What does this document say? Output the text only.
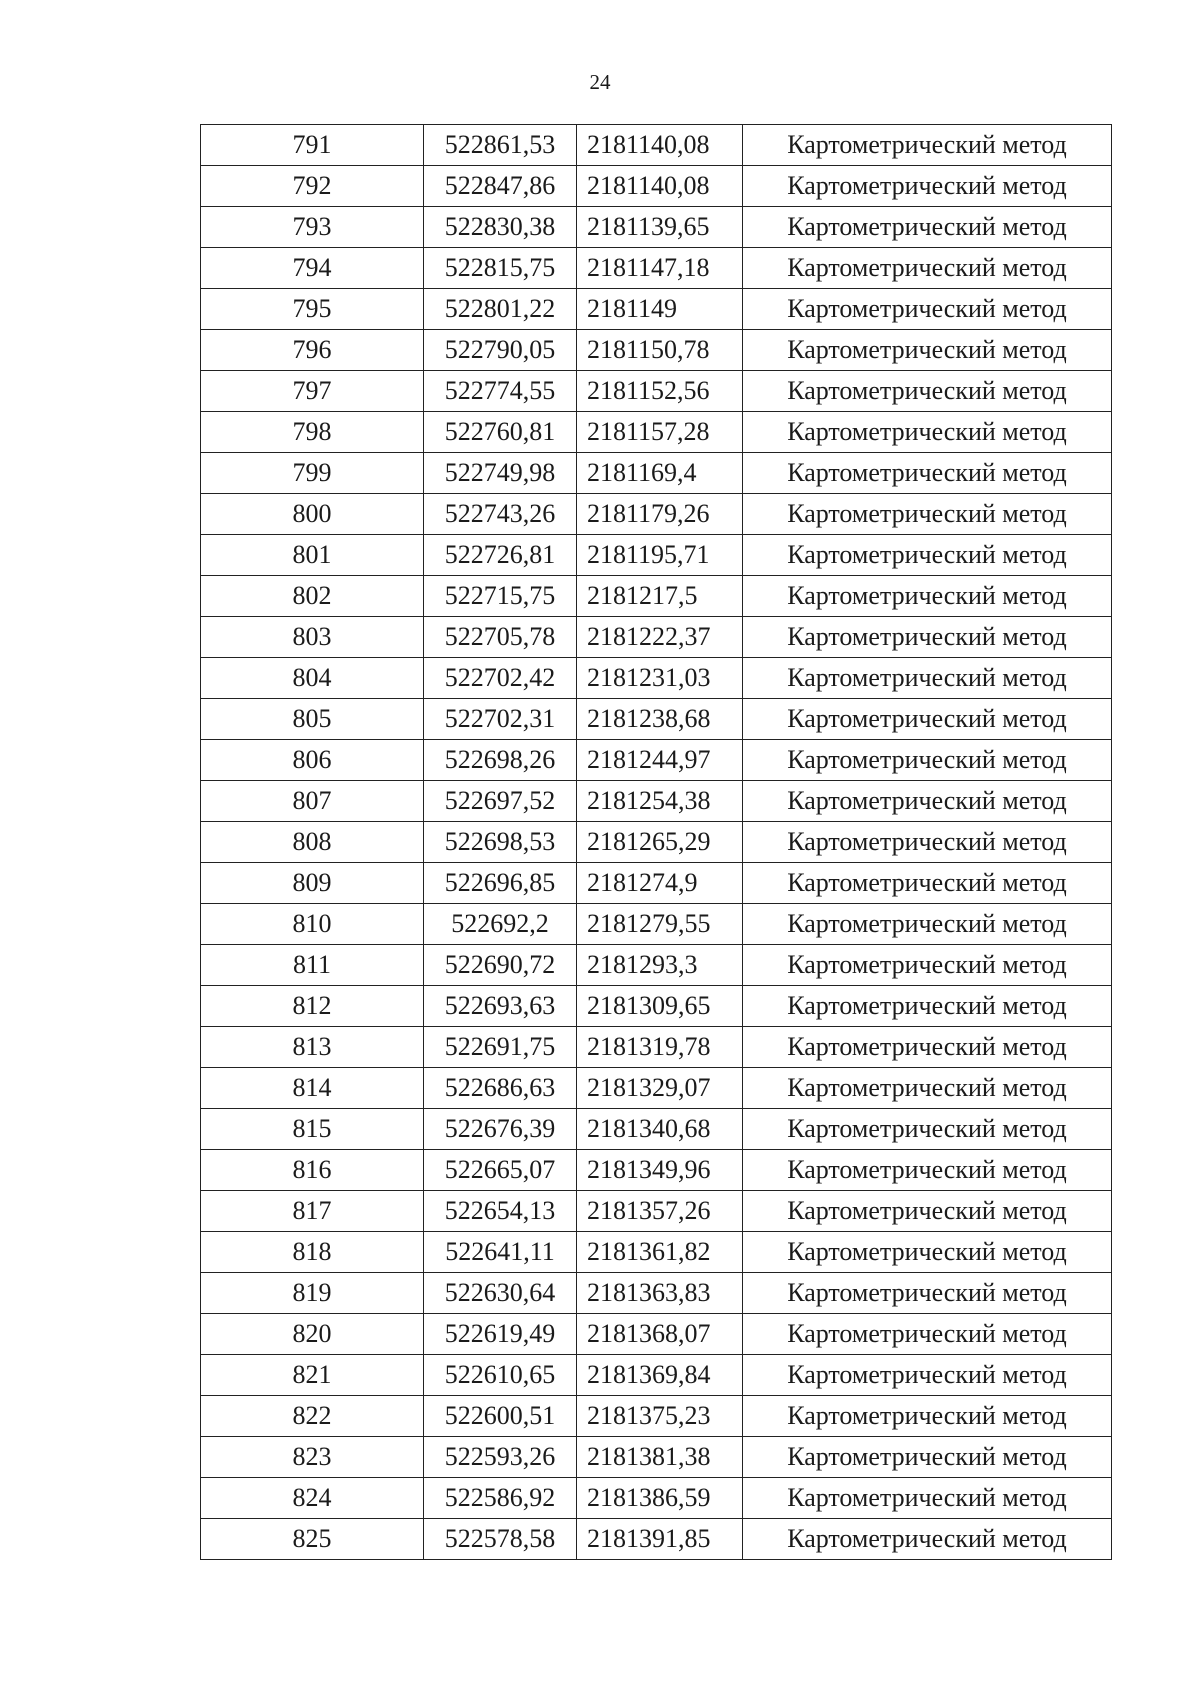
24
791	522861,53	2181140,08	Картометрический метод
792	522847,86	2181140,08	Картометрический метод
793	522830,38	2181139,65	Картометрический метод
794	522815,75	2181147,18	Картометрический метод
795	522801,22	2181149	Картометрический метод
796	522790,05	2181150,78	Картометрический метод
797	522774,55	2181152,56	Картометрический метод
798	522760,81	2181157,28	Картометрический метод
799	522749,98	2181169,4	Картометрический метод
800	522743,26	2181179,26	Картометрический метод
801	522726,81	2181195,71	Картометрический метод
802	522715,75	2181217,5	Картометрический метод
803	522705,78	2181222,37	Картометрический метод
804	522702,42	2181231,03	Картометрический метод
805	522702,31	2181238,68	Картометрический метод
806	522698,26	2181244,97	Картометрический метод
807	522697,52	2181254,38	Картометрический метод
808	522698,53	2181265,29	Картометрический метод
809	522696,85	2181274,9	Картометрический метод
810	522692,2	2181279,55	Картометрический метод
811	522690,72	2181293,3	Картометрический метод
812	522693,63	2181309,65	Картометрический метод
813	522691,75	2181319,78	Картометрический метод
814	522686,63	2181329,07	Картометрический метод
815	522676,39	2181340,68	Картометрический метод
816	522665,07	2181349,96	Картометрический метод
817	522654,13	2181357,26	Картометрический метод
818	522641,11	2181361,82	Картометрический метод
819	522630,64	2181363,83	Картометрический метод
820	522619,49	2181368,07	Картометрический метод
821	522610,65	2181369,84	Картометрический метод
822	522600,51	2181375,23	Картометрический метод
823	522593,26	2181381,38	Картометрический метод
824	522586,92	2181386,59	Картометрический метод
825	522578,58	2181391,85	Картометрический метод
